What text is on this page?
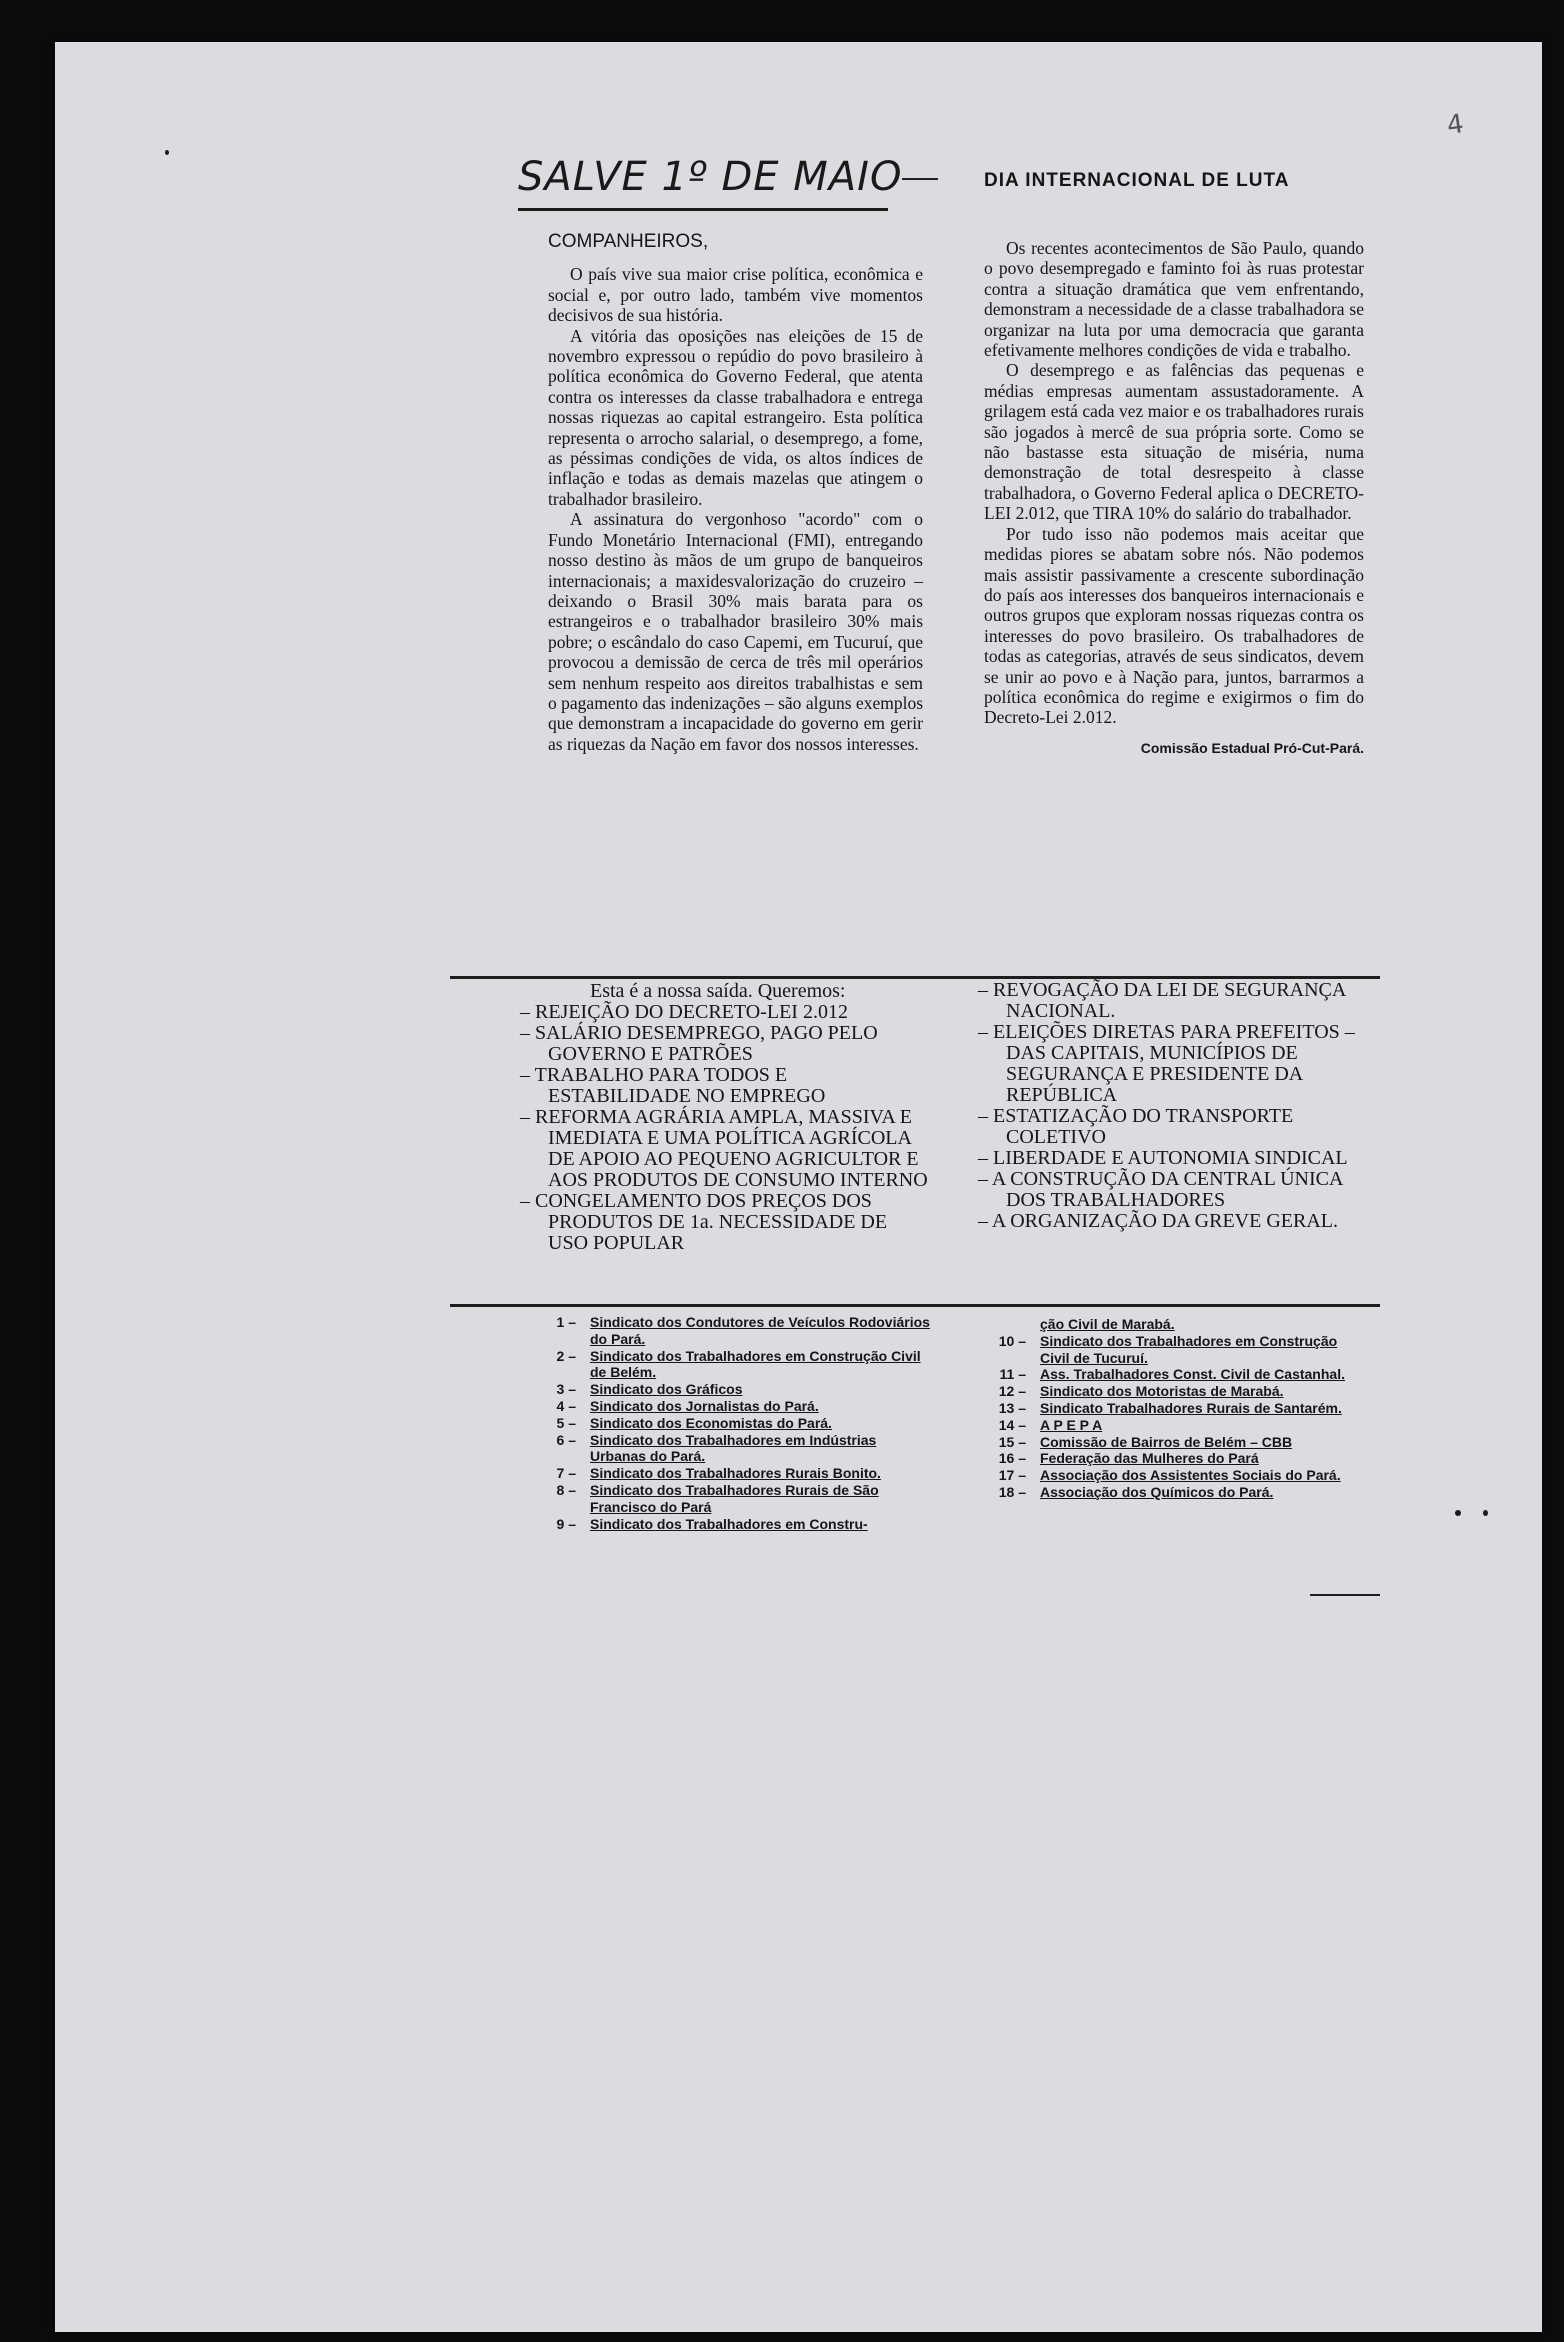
4
SALVE 1º DE MAIO	DIA INTERNACIONAL DE LUTA

COMPANHEIROS,

O país vive sua maior crise política, econômica e social e, por outro lado, também vive momentos decisivos de sua história.

A vitória das oposições nas eleições de 15 de novembro expressou o repúdio do povo brasileiro à política econômica do Governo Federal, que atenta contra os interesses da classe trabalhadora e entrega nossas riquezas ao capital estrangeiro. Esta política representa o arrocho salarial, o desemprego, a fome, as péssimas condições de vida, os altos índices de inflação e todas as demais mazelas que atingem o trabalhador brasileiro.

A assinatura do vergonhoso "acordo" com o Fundo Monetário Internacional (FMI), entregando nosso destino às mãos de um grupo de banqueiros internacionais; a maxidesvalorização do cruzeiro – deixando o Brasil 30% mais barata para os estrangeiros e o trabalhador brasileiro 30% mais pobre; o escândalo do caso Capemi, em Tucuruí, que provocou a demissão de cerca de três mil operários sem nenhum respeito aos direitos trabalhistas e sem o pagamento das indenizações – são alguns exemplos que demonstram a incapacidade do governo em gerir as riquezas da Nação em favor dos nossos interesses.

Os recentes acontecimentos de São Paulo, quando o povo desempregado e faminto foi às ruas protestar contra a situação dramática que vem enfrentando, demonstram a necessidade de a classe trabalhadora se organizar na luta por uma democracia que garanta efetivamente melhores condições de vida e trabalho.

O desemprego e as falências das pequenas e médias empresas aumentam assustadoramente. A grilagem está cada vez maior e os trabalhadores rurais são jogados à mercê de sua própria sorte. Como se não bastasse esta situação de miséria, numa demonstração de total desrespeito à classe trabalhadora, o Governo Federal aplica o DECRETO-LEI 2.012, que TIRA 10% do salário do trabalhador.

Por tudo isso não podemos mais aceitar que medidas piores se abatam sobre nós. Não podemos mais assistir passivamente a crescente subordinação do país aos interesses dos banqueiros internacionais e outros grupos que exploram nossas riquezas contra os interesses do povo brasileiro. Os trabalhadores de todas as categorias, através de seus sindicatos, devem se unir ao povo e à Nação para, juntos, barrarmos a política econômica do regime e exigirmos o fim do Decreto-Lei 2.012.

Comissão Estadual Pró-Cut-Pará.

Esta é a nossa saída. Queremos:
– REJEIÇÃO DO DECRETO-LEI 2.012
– SALÁRIO DESEMPREGO, PAGO PELO GOVERNO E PATRÕES
– TRABALHO PARA TODOS E ESTABILIDADE NO EMPREGO
– REFORMA AGRÁRIA AMPLA, MASSIVA E IMEDIATA E UMA POLÍTICA AGRÍCOLA DE APOIO AO PEQUENO AGRICULTOR E AOS PRODUTOS DE CONSUMO INTERNO
– CONGELAMENTO DOS PREÇOS DOS PRODUTOS DE 1a. NECESSIDADE DE USO POPULAR
– REVOGAÇÃO DA LEI DE SEGURANÇA NACIONAL.
– ELEIÇÕES DIRETAS PARA PREFEITOS – DAS CAPITAIS, MUNICÍPIOS DE SEGURANÇA E PRESIDENTE DA REPÚBLICA
– ESTATIZAÇÃO DO TRANSPORTE COLETIVO
– LIBERDADE E AUTONOMIA SINDICAL
– A CONSTRUÇÃO DA CENTRAL ÚNICA DOS TRABALHADORES
– A ORGANIZAÇÃO DA GREVE GERAL.
1 –	Sindicato dos Condutores de Veículos Rodoviários do Pará.
2 –	Sindicato dos Trabalhadores em Construção Civil de Belém.
3 –	Sindicato dos Gráficos
4 –	Sindicato dos Jornalistas do Pará.
5 –	Sindicato dos Economistas do Pará.
6 –	Sindicato dos Trabalhadores em Indústrias Urbanas do Pará.
7 –	Sindicato dos Trabalhadores Rurais Bonito.
8 –	Sindicato dos Trabalhadores Rurais de São Francisco do Pará
9 –	Sindicato dos Trabalhadores em Constru-
ção Civil de Marabá.
10 –	Sindicato dos Trabalhadores em Construção Civil de Tucuruí.
11 –	Ass. Trabalhadores Const. Civil de Castanhal.
12 –	Sindicato dos Motoristas de Marabá.
13 –	Sindicato Trabalhadores Rurais de Santarém.
14 –	A P E P A
15 –	Comissão de Bairros de Belém – CBB
16 –	Federação das Mulheres do Pará
17 –	Associação dos Assistentes Sociais do Pará.
18 –	Associação dos Químicos do Pará.
